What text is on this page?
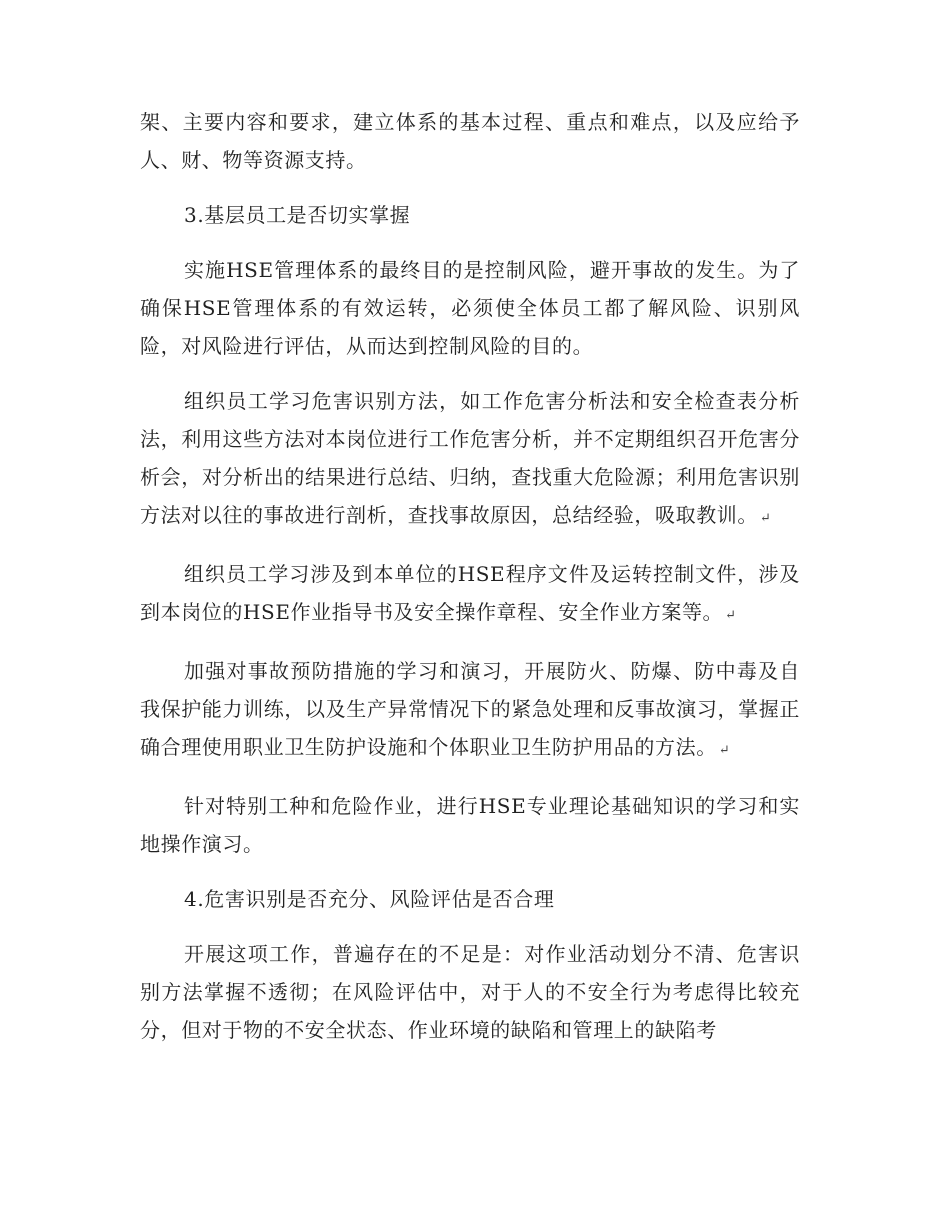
架、主要内容和要求，建立体系的基本过程、重点和难点，以及应给予人、财、物等资源支持。

3.基层员工是否切实掌握

实施HSE管理体系的最终目的是控制风险，避开事故的发生。为了确保HSE管理体系的有效运转，必须使全体员工都了解风险、识别风险，对风险进行评估，从而达到控制风险的目的。

组织员工学习危害识别方法，如工作危害分析法和安全检查表分析法，利用这些方法对本岗位进行工作危害分析，并不定期组织召开危害分析会，对分析出的结果进行总结、归纳，查找重大危险源；利用危害识别方法对以往的事故进行剖析，查找事故原因，总结经验，吸取教训。 ↵

组织员工学习涉及到本单位的HSE程序文件及运转控制文件，涉及到本岗位的HSE作业指导书及安全操作章程、安全作业方案等。 ↵

加强对事故预防措施的学习和演习，开展防火、防爆、防中毒及自我保护能力训练，以及生产异常情况下的紧急处理和反事故演习，掌握正确合理使用职业卫生防护设施和个体职业卫生防护用品的方法。 ↵

针对特别工种和危险作业，进行HSE专业理论基础知识的学习和实地操作演习。

4.危害识别是否充分、风险评估是否合理

开展这项工作，普遍存在的不足是：对作业活动划分不清、危害识别方法掌握不透彻；在风险评估中，对于人的不安全行为考虑得比较充分，但对于物的不安全状态、作业环境的缺陷和管理上的缺陷考
